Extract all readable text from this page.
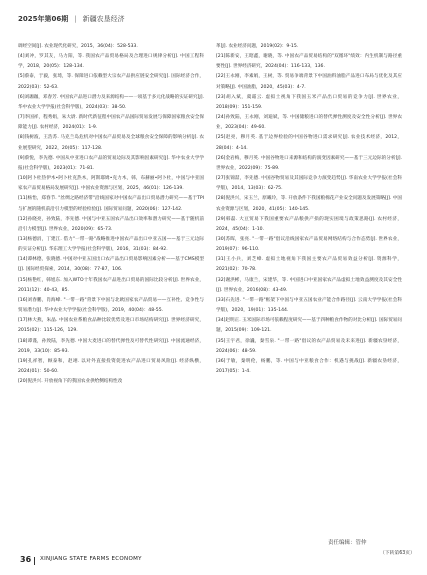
2025年第06期 | 新疆农垦经济

调经空间[J]. 农业现代化研究，2015，36(04)：528-533.

[4]刘冲，罗其友，马力阳，等. 我国农产品贸易格局及合理进口规律分析[J]. 中国工程科学，2018，20(05)：128-134.

[5]蔡泰，于毅，张琦，等. 保障进口依赖型大宗农产品供应链安全研究[J]. 国际经济合作，2022(03)：52-63.

[6]刘珈珈，邓春芳. 中国农产品进口潜力及来源结构——一项基于多元化战略的实证研究[J]. 华中农业大学学报(社会科学版)，2024(03)：38-50.

[7]李国祥，程秀娟，朱大尉. 新时代新征程中国农产品国际贸易发展与保障国家粮食安全保障能力[J]. 农村经济，2024(01)：1-9.

[8]钱树波，王浩苏. 马克兰岛危机对中国农产品贸易及全球粮食安全保障的影响分析[J]. 农业展望研究，2022，20(05)：117-128.

[9]蔡悦，李先德. 中国从中亚进口农产品的贸易边际及其影响因素研究[J]. 华中农业大学学报(社会科学版)，2023(01)：71-81.

[10]阿卜杜热伊木•阿卜杜克热木，阿斯耶姆•克力木，韩，布赫丽•阿卜杜，中国与中亚国家农产品贸易格局发展研究[J]. 中国农业资源与区划，2025，46(01)：126-139.

[11]杨怡，郑春节. "丝绸之路经济带"沿线国家对中国农产品出口贸易潜力研究——基于TPI与扩展的随机前沿引力模型的经验检验[J]. 国际贸易问题，2020(06)：127-142.

[12]孙晓亮，孙致陆，李先德. 中国与中亚五国农产品出口效率和潜力研究——基于随机前沿引力模型[J]. 世界农业，2020(09)：65-73.

[13]杨德涓，丁建江. 借力"一带一路"战略推进中国农产品出口中亚五国——基于三元边际的实证分析[J]. 华东理工大学学报(社会科学版)，2016，31(03)：84-92.

[14]谭林德，张晓德. 中国对中亚五国出口农产品出口贸易影响因素分析——基于CMS模型[J]. 国际经贸探索，2014，30(08)：77-87，106.

[15]杨艳红，韩旭东. 加入WTO十年我国农产品进出口贸易的国际比较分析[J]. 世界农业，2011(12)：40-43，85.

[16]刘春鹏，肖海峰. "一带一路"背景下中国与北欧国家农产品贸易——互补性、竞争性与贸易潜力[J]. 华中农业大学学报(社会科学版)，2019，40(04)：48-55.

[17]林大燕，朱晶. 中国农业系粮食品种比较优势及进口市场结构研究[J]. 世界经济研究，2015(02)：115-126，129.

[18]谭谨，孙致陆，李先德. 中国大麦进口的替代弹性及可替代性研究[J]. 中国流通经济，2019，33(10)：85-93.

[19]孔祥智，顾泰和，赵翊. 以对外直接投资促进农产品进口贸易风险[J]. 经济纵横，2024(01)：50-60.

[20]倪洪兴. 开放视角下的我国农业供给侧结构性改

革[J]. 农业经济问题，2019(02)：9-15.

[21]陈新安，王昭鑫，谢晓，等. 中国农产品贸易结构的"双循环"绩效：内生机制与路径重要性[J]. 世界经济研究，2024(04)：116-133，136.

[22]王永刚，李素娟，王树，等. 贸易争端背景下中国油料油脂产品进口布局与优化及其应对策略[J]. 中国油脂，2020，45(03)：4-7.

[23]胡入斌，虞霜云. 虚拟土视角下我国玉米产品出口贸易的竞争力[J]. 世界农业，2018(09)：151-159.

[24]孙致陆，王永刚，刘迪斌，等. 中国储粮进口的替代弹性测度及安全性分析[J]. 世界农业，2023(04)：49-60.

[25]赵亮，穆月英. 基于边界检验的中国谷物进口需求研究[J]. 农业技术经济，2012，28(04)：4-14.

[26]金岩梅，穆月英. 中国谷物进口来源和结构的演变因素研究——基于三元边际的分析[J]. 世界农业，2022(09)：75-89.

[27]张锦喆，李先德. 中国谷物贸易及其国际竞争力演变趋势[J]. 华南农业大学学报(社会科学版)，2014，13(03)：62-75.

[28]倪洪兴，宋玉兰，原曦玲，等. 开放条件下我国粮棉花产业安全问题及发展策略[J]. 中国农业资源与区划，2020，41(05)：140-145.

[29]韩磊. 大豆贸易下我国重要农产品粮供产损的现实困境与政策思路[J]. 农村经济，2024，45(04)：1-10.

[30]苏晖，张亮. "一带一路"倡议沿线国家农产品贸易网络结构与合作态势[J]. 世界农业，2019(07)：96-110.

[31]王小兵，刘芝峰. 虚拟土地视角下我国主要农产品贸易效益分析[J]. 资源科学，2021(02)：70-78.

[32]谢洪彬，马康兰，宋建华，等. 中国进口中亚国家农产品虚拟土地效益测度及其安全性[J]. 世界农业，2016(08)：43-49.

[33]石先进. "一带一路"框架下中国与中亚五国农业产能合作路径[J]. 云南大学学报(社会科学版)，2020，19(01)：135-144.

[34]赵明正. 玉米国际市场可依赖程度研究——基于四种粮食作物的对比分析[J]. 国际贸易问题，2015(09)：109-121.

[35]王宇君，徐巍，秦雪泉. "一带一路"倡议的农产品贸易及未来进[J]. 新疆农垦经济，2024(06)：48-59.

[36]于敏，秦明伦，杨鹏，等. 中国与中亚粮食合作：机遇与挑战[J]. 新疆农垦经济，2017(05)：1-4.

责任编辑：管仲
（下转第63页）
36 XINJIANG STATE FARMS ECONOMY
